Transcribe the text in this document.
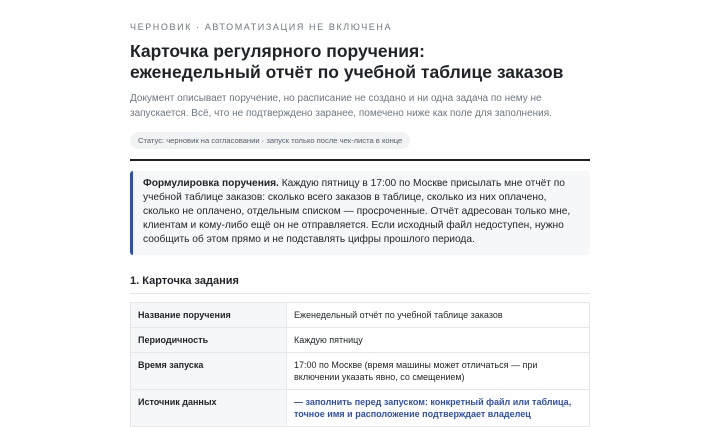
ЧЕРНОВИК · АВТОМАТИЗАЦИЯ НЕ ВКЛЮЧЕНА
Карточка регулярного поручения:
еженедельный отчёт по учебной таблице заказов

Документ описывает поручение, но расписание не создано и ни одна задача по нему не запускается. Всё, что не подтверждено заранее, помечено ниже как поле для заполнения.

Статус: черновик на согласовании · запуск только после чек-листа в конце
Формулировка поручения. Каждую пятницу в 17:00 по Москве присылать мне отчёт по учебной таблице заказов: сколько всего заказов в таблице, сколько из них оплачено, сколько не оплачено, отдельным списком — просроченные. Отчёт адресован только мне, клиентам и кому-либо ещё он не отправляется. Если исходный файл недоступен, нужно сообщить об этом прямо и не подставлять цифры прошлого периода.
1. Карточка задания
Название поручения	Еженедельный отчёт по учебной таблице заказов
Периодичность	Каждую пятницу
Время запуска	17:00 по Москве (время машины может отличаться — при включении указать явно, со смещением)
Источник данных	— заполнить перед запуском: конкретный файл или таблица, точное имя и расположение подтверждает владелец
